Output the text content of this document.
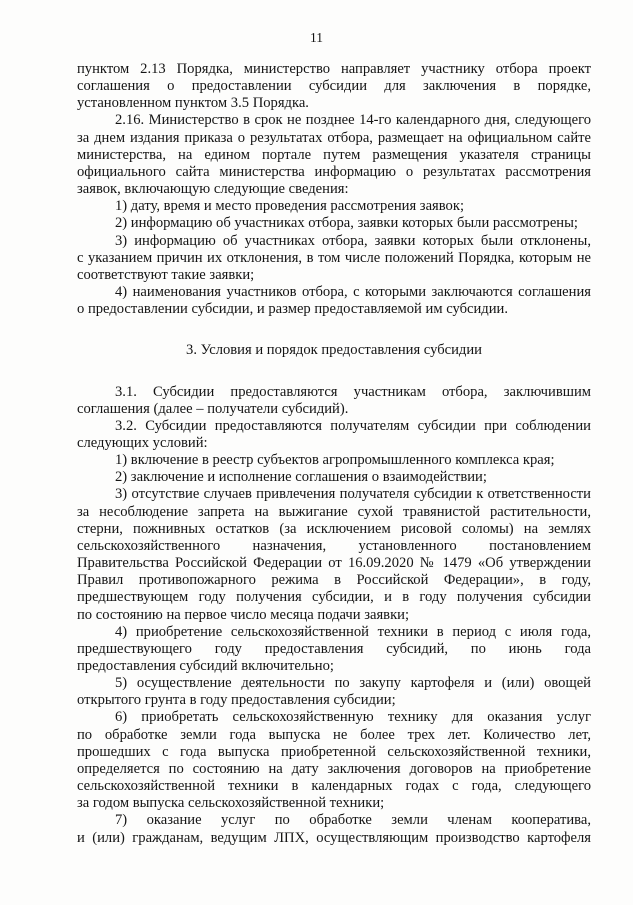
11
пунктом 2.13 Порядка, министерство направляет участнику отбора проект
соглашения о предоставлении субсидии для заключения в порядке,
установленном пунктом 3.5 Порядка.
2.16. Министерство в срок не позднее 14-го календарного дня, следующего
за днем издания приказа о результатах отбора, размещает на официальном сайте
министерства, на едином портале путем размещения указателя страницы
официального сайта министерства информацию о результатах рассмотрения
заявок, включающую следующие сведения:
1) дату, время и место проведения рассмотрения заявок;
2) информацию об участниках отбора, заявки которых были рассмотрены;
3) информацию об участниках отбора, заявки которых были отклонены,
с указанием причин их отклонения, в том числе положений Порядка, которым не
соответствуют такие заявки;
4) наименования участников отбора, с которыми заключаются соглашения
о предоставлении субсидии, и размер предоставляемой им субсидии.
3. Условия и порядок предоставления субсидии
3.1. Субсидии предоставляются участникам отбора, заключившим
соглашения (далее – получатели субсидий).
3.2. Субсидии предоставляются получателям субсидии при соблюдении
следующих условий:
1) включение в реестр субъектов агропромышленного комплекса края;
2) заключение и исполнение соглашения о взаимодействии;
3) отсутствие случаев привлечения получателя субсидии к ответственности
за несоблюдение запрета на выжигание сухой травянистой растительности,
стерни, пожнивных остатков (за исключением рисовой соломы) на землях
сельскохозяйственного назначения, установленного постановлением
Правительства Российской Федерации от 16.09.2020 № 1479 «Об утверждении
Правил противопожарного режима в Российской Федерации», в году,
предшествующем году получения субсидии, и в году получения субсидии
по состоянию на первое число месяца подачи заявки;
4) приобретение сельскохозяйственной техники в период с июля года,
предшествующего году предоставления субсидий, по июнь года
предоставления субсидий включительно;
5) осуществление деятельности по закупу картофеля и (или) овощей
открытого грунта в году предоставления субсидии;
6) приобретать сельскохозяйственную технику для оказания услуг
по обработке земли года выпуска не более трех лет. Количество лет,
прошедших с года выпуска приобретенной сельскохозяйственной техники,
определяется по состоянию на дату заключения договоров на приобретение
сельскохозяйственной техники в календарных годах с года, следующего
за годом выпуска сельскохозяйственной техники;
7) оказание услуг по обработке земли членам кооператива,
и (или) гражданам, ведущим ЛПХ, осуществляющим производство картофеля
